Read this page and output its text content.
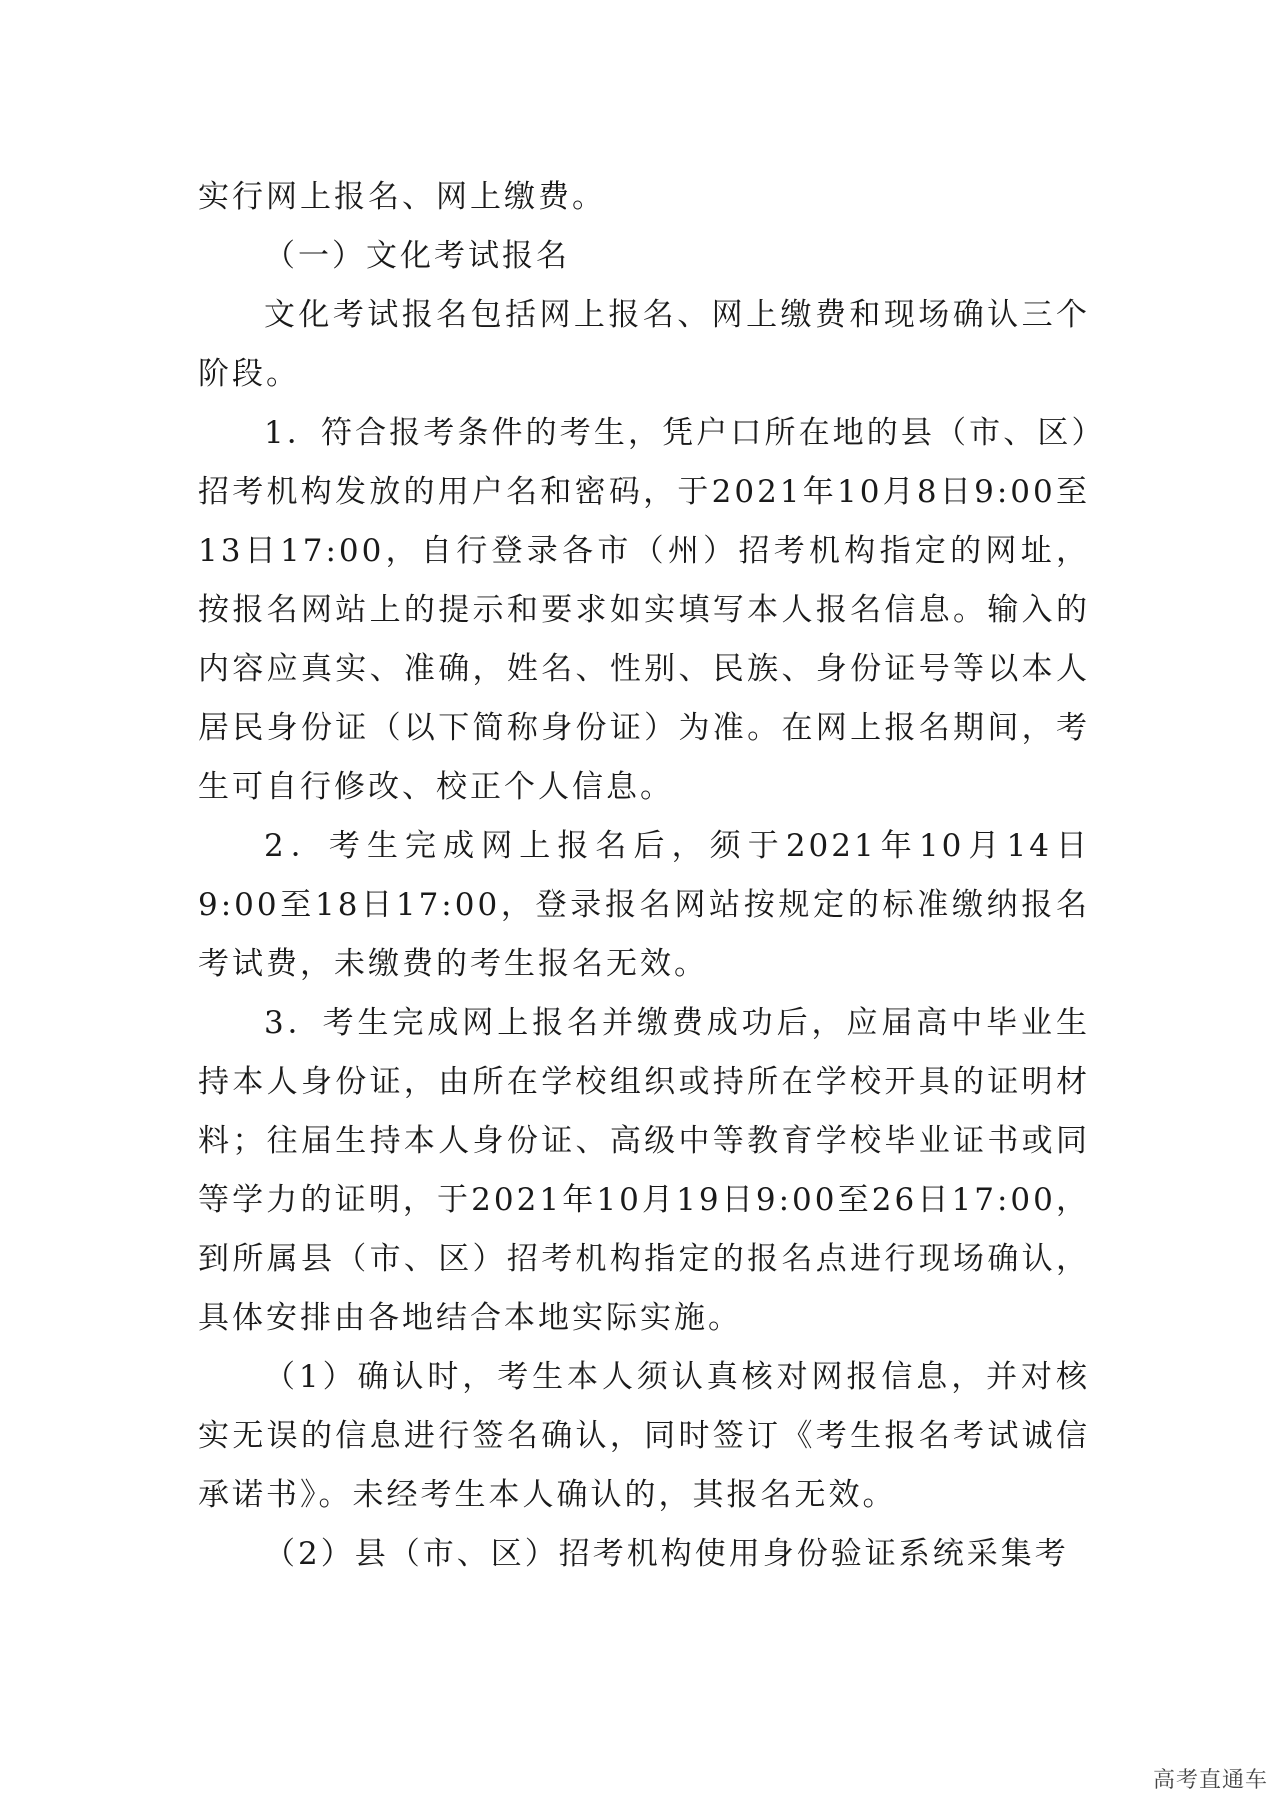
实行网上报名、网上缴费。

（一）文化考试报名

文化考试报名包括网上报名、网上缴费和现场确认三个阶段。

1．符合报考条件的考生，凭户口所在地的县（市、区）招考机构发放的用户名和密码，于2021年10月8日9:00至13日17:00，自行登录各市（州）招考机构指定的网址，按报名网站上的提示和要求如实填写本人报名信息。输入的内容应真实、准确，姓名、性别、民族、身份证号等以本人居民身份证（以下简称身份证）为准。在网上报名期间，考生可自行修改、校正个人信息。

2．考生完成网上报名后，须于2021年10月14日9:00至18日17:00，登录报名网站按规定的标准缴纳报名考试费，未缴费的考生报名无效。

3．考生完成网上报名并缴费成功后，应届高中毕业生持本人身份证，由所在学校组织或持所在学校开具的证明材料；往届生持本人身份证、高级中等教育学校毕业证书或同等学力的证明，于2021年10月19日9:00至26日17:00，到所属县（市、区）招考机构指定的报名点进行现场确认，具体安排由各地结合本地实际实施。

（1）确认时，考生本人须认真核对网报信息，并对核实无误的信息进行签名确认，同时签订《考生报名考试诚信承诺书》。未经考生本人确认的，其报名无效。

（2）县（市、区）招考机构使用身份验证系统采集考

高考直通车
